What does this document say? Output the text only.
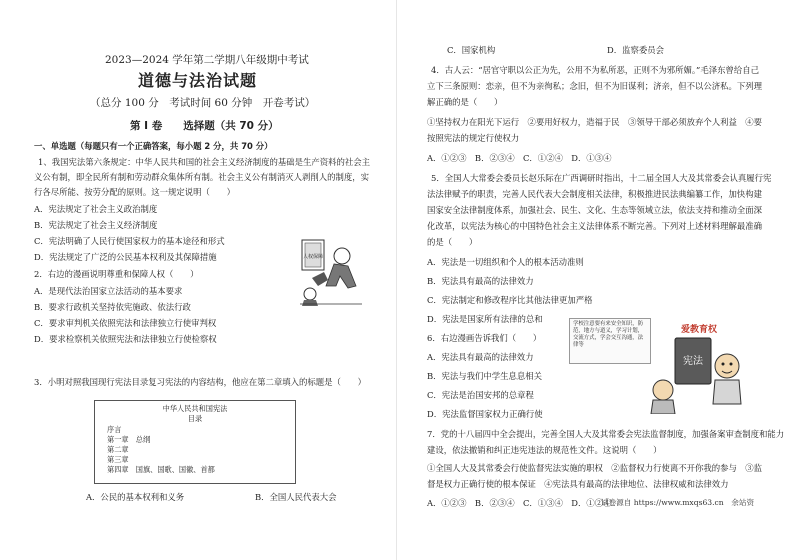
2023—2024 学年第二学期八年级期中考试
道德与法治试题
（总分 100 分　考试时间 60 分钟　开卷考试）
第 I 卷　　选择题（共 70 分）
一、单选题（每题只有一个正确答案，每小题 2 分，共 70 分）
1、我国宪法第六条规定：中华人民共和国的社会主义经济制度的基础是生产资料的社会主
义公有制，即全民所有制和劳动群众集体所有制。社会主义公有制消灭人剥削人的制度，实
行各尽所能、按劳分配的原则。这一规定说明（　　）
A．宪法规定了社会主义政治制度
B．宪法规定了社会主义经济制度
C．宪法明确了人民行使国家权力的基本途径和形式
D．宪法规定了广泛的公民基本权利及其保障措施
2．右边的漫画说明尊重和保障人权（　　）
A．是现代法治国家立法活动的基本要求
B．要求行政机关坚持依宪施政、依法行政
C．要求审判机关依照宪法和法律独立行使审判权
D．要求检察机关依照宪法和法律独立行使检察权
人权保障
3．小明对照我国现行宪法目录复习宪法的内容结构，他应在第二章填入的标题是（　　）
中华人民共和国宪法
目录
序言
第一章　总纲
第二章
第三章
第四章　国旗、国歌、国徽、首都
A．公民的基本权利和义务	B．全国人民代表大会
C．国家机构	D．监察委员会
4．古人云：“居官守职以公正为先，公用不为私所恶，正则不为邪所媚。”毛泽东曾给自己
立下三条原则：恋亲，但不为亲徇私；念旧，但不为旧谋利；济亲，但不以公济私。下列理
解正确的是（　　）
①坚持权力在阳光下运行　②要用好权力，造福于民　③领导干部必须放弃个人利益　④要
按照宪法的规定行使权力
A．①②③　B．②③④　C．①②④　D．①③④
5．全国人大常委会委员长赵乐际在广西调研时指出，十二届全国人大及其常委会认真履行宪
法法律赋予的职责，完善人民代表大会制度相关法律，积极推进民法典编纂工作，加快构建
国家安全法律制度体系，加强社会、民生、文化、生态等领域立法，依法支持和推动全面深
化改革，以宪法为核心的中国特色社会主义法律体系不断完善。下列对上述材料理解最准确
的是（　　）
A．宪法是一切组织和个人的根本活动准则
B．宪法具有最高的法律效力
C．宪法制定和修改程序比其他法律更加严格
D．宪法是国家所有法律的总和
6．右边漫画告诉我们（　　）
A．宪法具有最高的法律效力
B．宪法与我们中学生息息相关
C．宪法是治国安邦的总章程
D．宪法监督国家权力正确行使
学校注意要有来安全知识，防范，地方与道义，学习计划，交流方式，学会交互沟通，法律等
爱教育权
宪法
7．党的十八届四中全会提出，完善全国人大及其常委会宪法监督制度，加强备案审查制度和能力
建设，依法撤销和纠正违宪违法的规范性文件。这说明（　　）
①全国人大及其常委会行使监督宪法实施的职权　②监督权力行使离不开你我的参与　③监
督是权力正确行使的根本保证　④宪法具有最高的法律地位、法律权威和法律效力
A．①②③　B．②③④　C．①③④　D．①②④
试卷源自 https://www.mxqs63.cn　余站资
